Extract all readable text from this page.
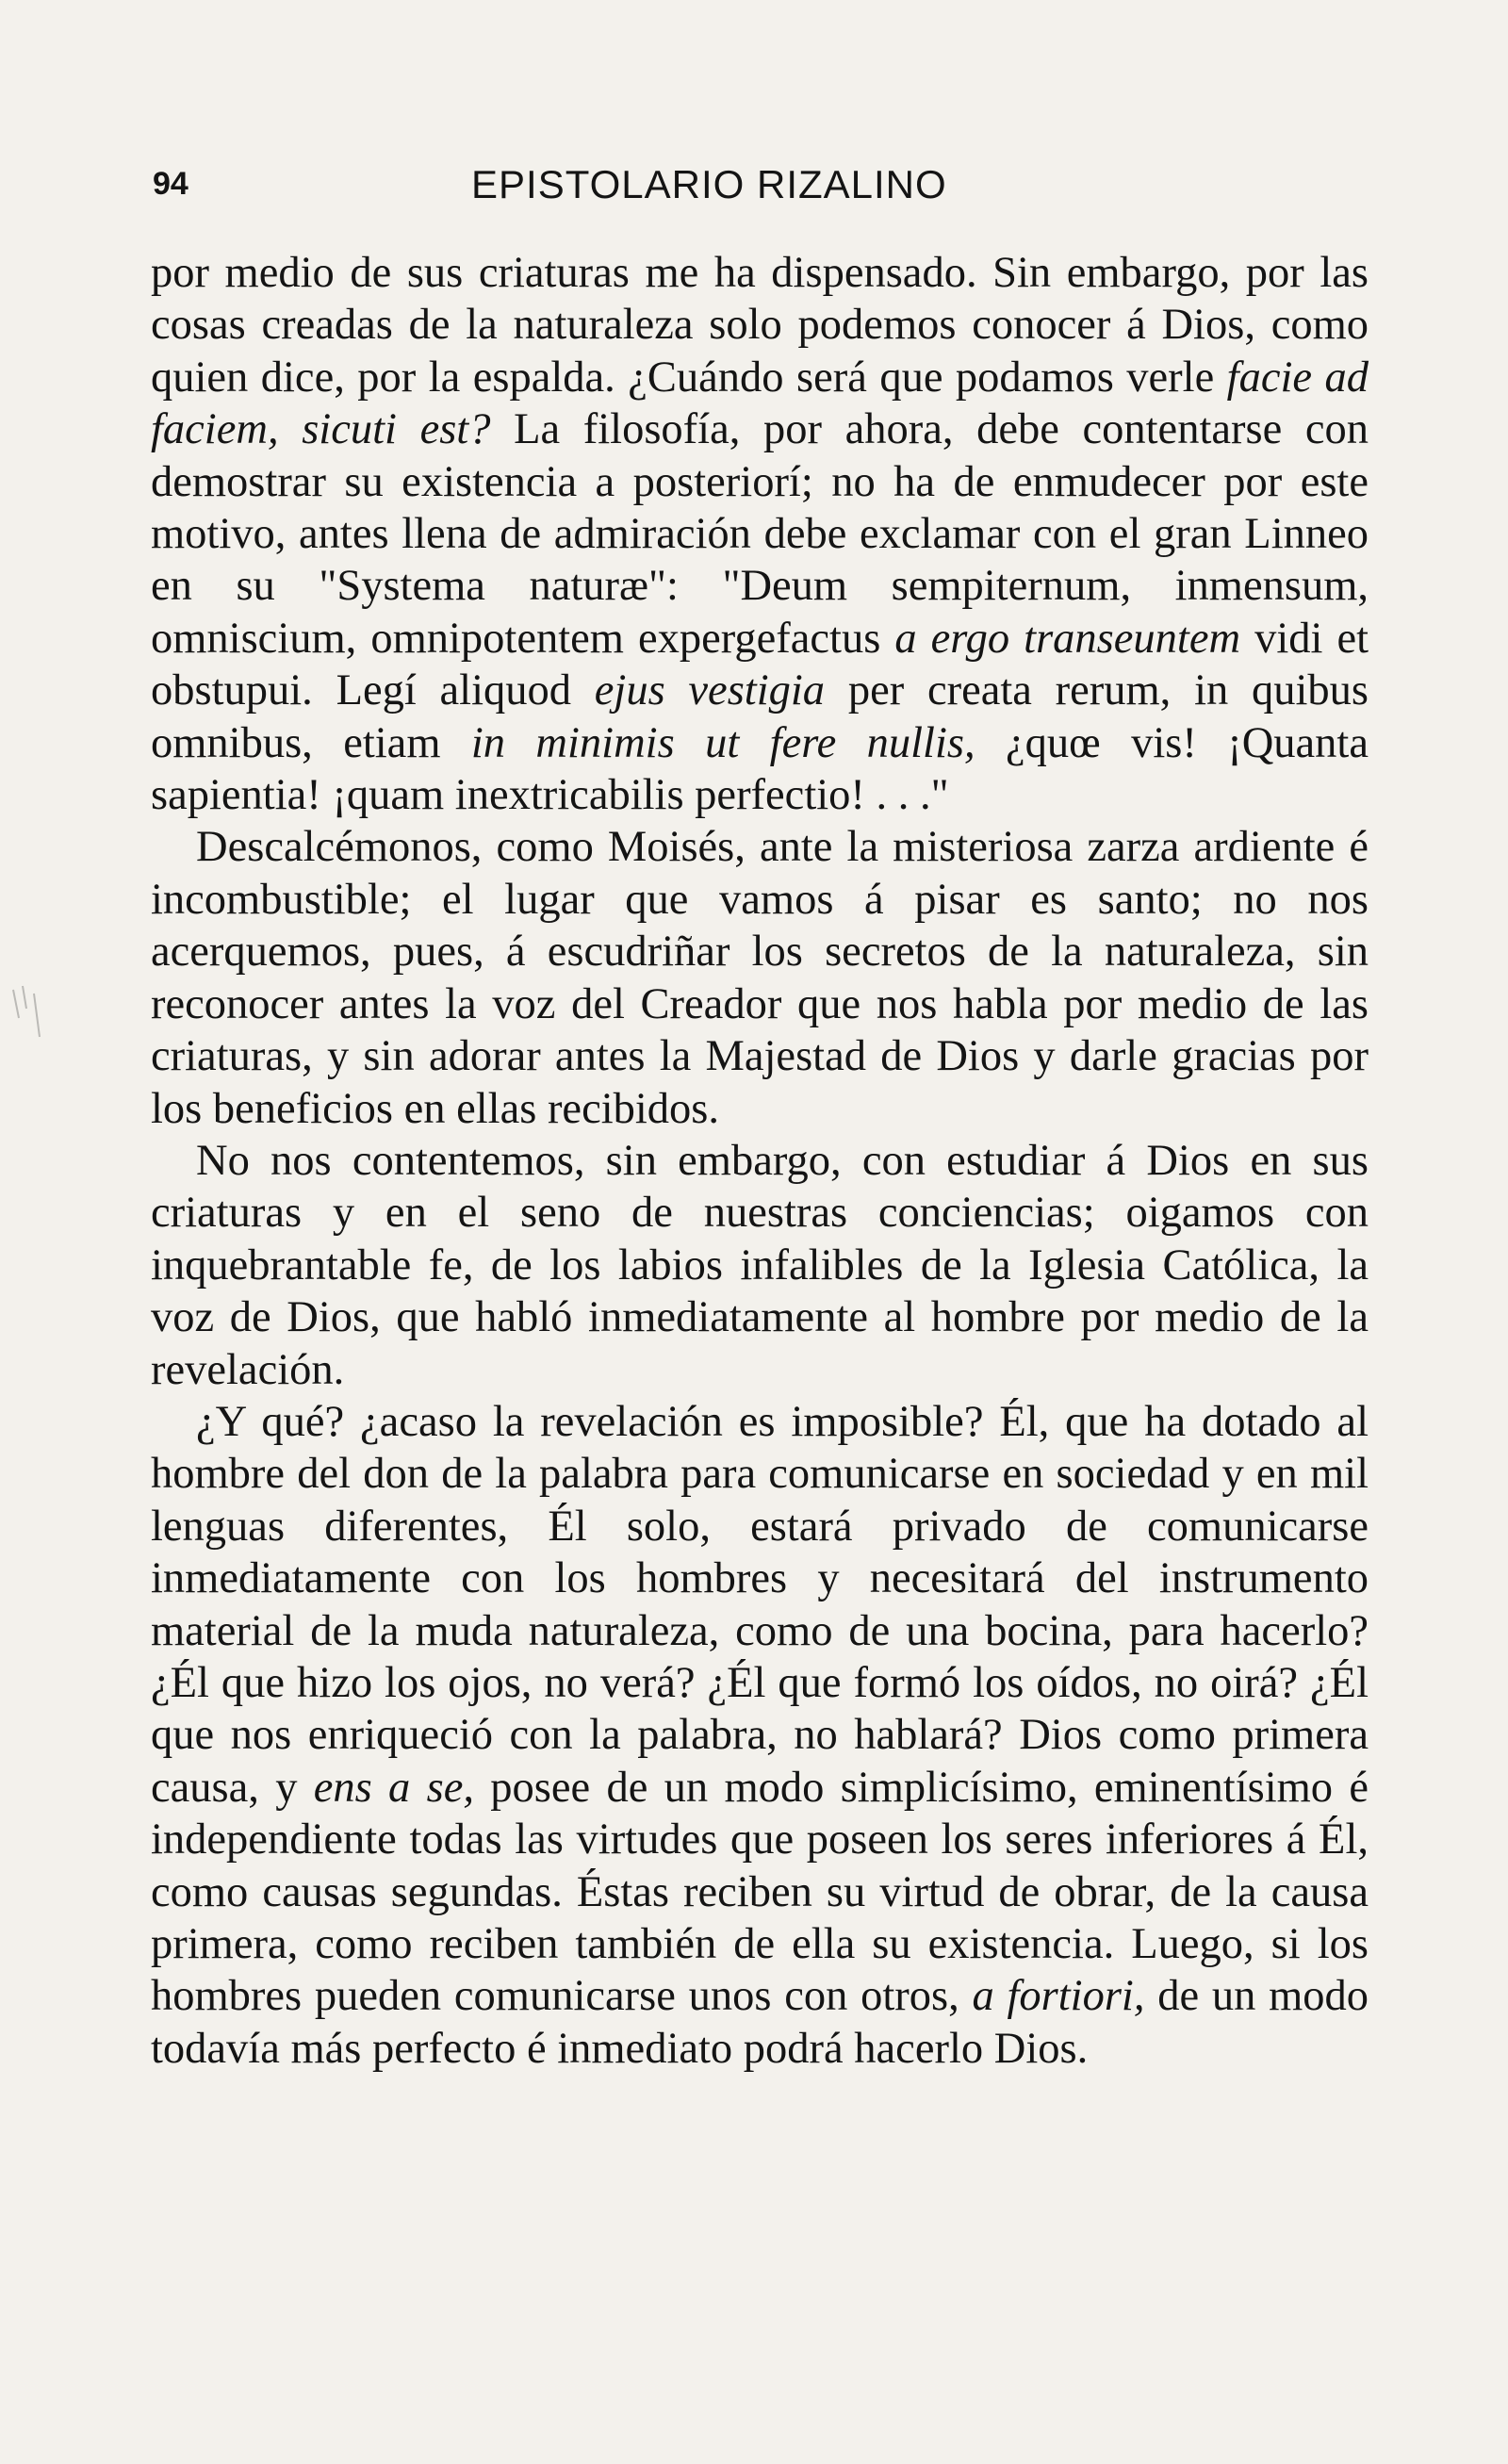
94	EPISTOLARIO RIZALINO

por medio de sus criaturas me ha dispensado. Sin embargo, por las cosas creadas de la naturaleza solo podemos conocer á Dios, como quien dice, por la espalda. ¿Cuándo será que podamos verle facie ad faciem, sicuti est? La filosofía, por ahora, debe contentarse con demostrar su existencia a posteriorí; no ha de enmudecer por este motivo, antes llena de admiración debe exclamar con el gran Linneo en su "Systema naturæ": "Deum sempiternum, inmensum, omniscium, omnipotentem expergefactus a ergo transeuntem vidi et obstupui. Legí aliquod ejus vestigia per creata rerum, in quibus omnibus, etiam in minimis ut fere nullis, ¿quœ vis! ¡Quanta sapientia! ¡quam inextricabilis perfectio! . . ."

Descalcémonos, como Moisés, ante la misteriosa zarza ardiente é incombustible; el lugar que vamos á pisar es santo; no nos acerquemos, pues, á escudriñar los secretos de la naturaleza, sin reconocer antes la voz del Creador que nos habla por medio de las criaturas, y sin adorar antes la Majestad de Dios y darle gracias por los beneficios en ellas recibidos.

No nos contentemos, sin embargo, con estudiar á Dios en sus criaturas y en el seno de nuestras conciencias; oigamos con inquebrantable fe, de los labios infalibles de la Iglesia Católica, la voz de Dios, que habló inmediatamente al hombre por medio de la revelación.

¿Y qué? ¿acaso la revelación es imposible? Él, que ha dotado al hombre del don de la palabra para comunicarse en sociedad y en mil lenguas diferentes, Él solo, estará privado de comunicarse inmediatamente con los hombres y necesitará del instrumento material de la muda naturaleza, como de una bocina, para hacerlo? ¿Él que hizo los ojos, no verá? ¿Él que formó los oídos, no oirá? ¿Él que nos enriqueció con la palabra, no hablará? Dios como primera causa, y ens a se, posee de un modo simplicísimo, eminentísimo é independiente todas las virtudes que poseen los seres inferiores á Él, como causas segundas. Éstas reciben su virtud de obrar, de la causa primera, como reciben también de ella su existencia. Luego, si los hombres pueden comunicarse unos con otros, a fortiori, de un modo todavía más perfecto é inmediato podrá hacerlo Dios.
